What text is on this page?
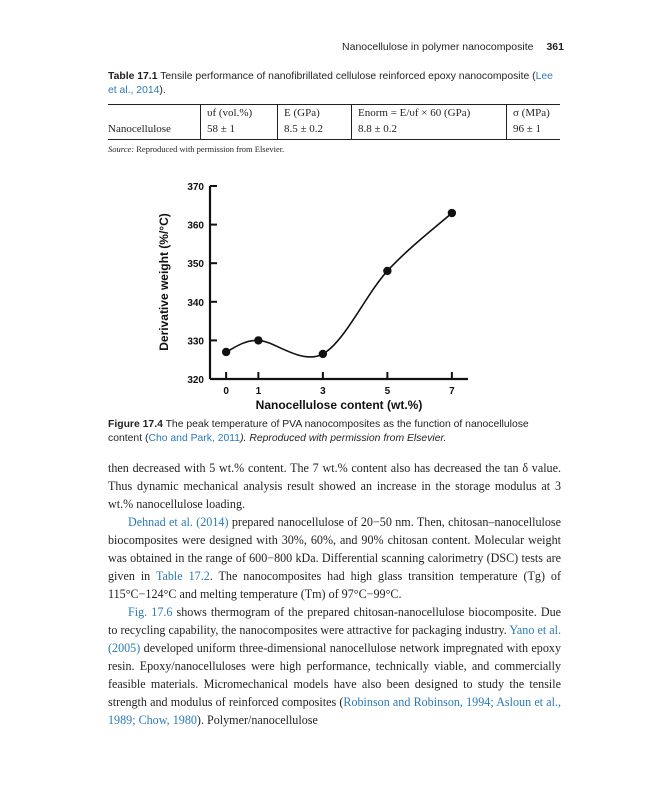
Nanocellulose in polymer nanocomposite 361
Table 17.1 Tensile performance of nanofibrillated cellulose reinforced epoxy nanocomposite (Lee et al., 2014).
	υf (vol.%)	E (GPa)	Enorm = E/υf × 60 (GPa)	σ (MPa)
Nanocellulose	58 ± 1	8.5 ± 0.2	8.8 ± 0.2	96 ± 1
Source: Reproduced with permission from Elsevier.
320
330
340
350
360
370
0	1	3	5	7
Nanocellulose content (wt.%)
Derivative weight (%/°C)
Figure 17.4 The peak temperature of PVA nanocomposites as the function of nanocellulose content (Cho and Park, 2011). Reproduced with permission from Elsevier.

then decreased with 5 wt.% content. The 7 wt.% content also has decreased the tan δ value. Thus dynamic mechanical analysis result showed an increase in the storage modulus at 3 wt.% nanocellulose loading.

Dehnad et al. (2014) prepared nanocellulose of 20−50 nm. Then, chitosan–nanocellulose biocomposites were designed with 30%, 60%, and 90% chitosan content. Molecular weight was obtained in the range of 600−800 kDa. Differential scanning calorimetry (DSC) tests are given in Table 17.2. The nanocomposites had high glass transition temperature (Tg) of 115°C−124°C and melting temperature (Tm) of 97°C−99°C.

Fig. 17.6 shows thermogram of the prepared chitosan-nanocellulose biocomposite. Due to recycling capability, the nanocomposites were attractive for packaging industry. Yano et al. (2005) developed uniform three-dimensional nanocellulose network impregnated with epoxy resin. Epoxy/nanocelluloses were high performance, technically viable, and commercially feasible materials. Micromechanical models have also been designed to study the tensile strength and modulus of reinforced composites (Robinson and Robinson, 1994; Asloun et al., 1989; Chow, 1980). Polymer/nanocellulose
